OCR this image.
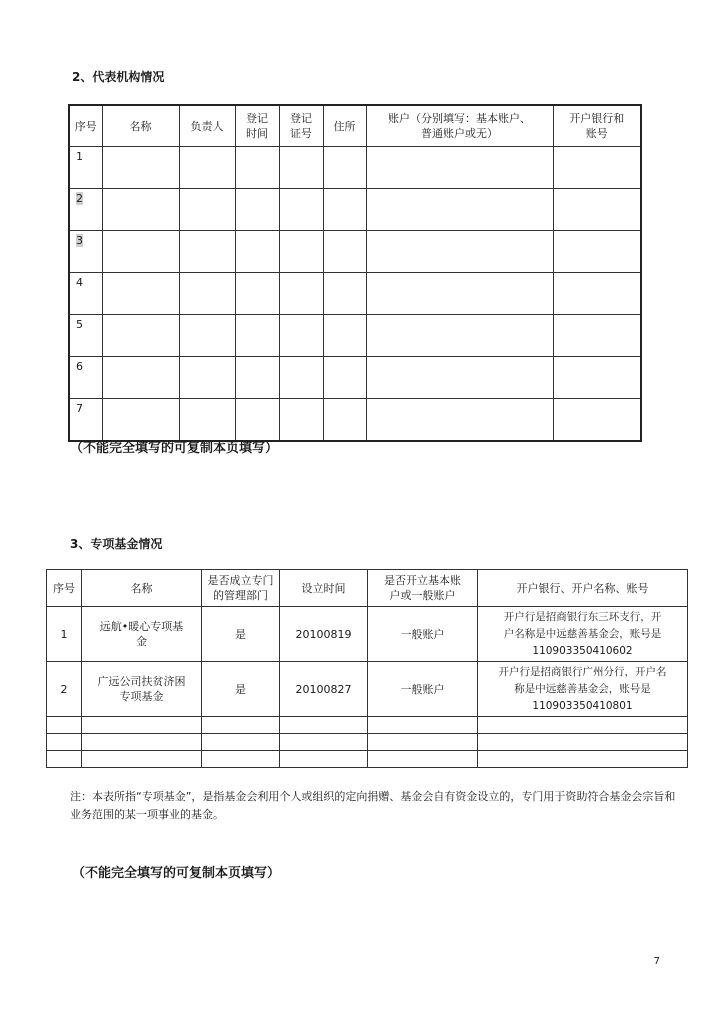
2、代表机构情况
序号	名称	负责人	登记
时间	登记
证号	住所	账户（分别填写：基本账户、
普通账户或无）	开户银行和
账号
1							
2							
3							
4							
5							
6							
7							
（不能完全填写的可复制本页填写）
3、专项基金情况
序号	名称	是否成立专门
的管理部门	设立时间	是否开立基本账
户或一般账户	开户银行、开户名称、账号
1	远航•暖心专项基
金	是	20100819	一般账户	开户行是招商银行东三环支行，开
户名称是中远慈善基金会，账号是
110903350410602
2	广远公司扶贫济困
专项基金	是	20100827	一般账户	开户行是招商银行广州分行，开户名
称是中远慈善基金会，账号是
110903350410801

注：本表所指“专项基金”，是指基金会利用个人或组织的定向捐赠、基金会自有资金设立的，专门用于资助符合基金会宗旨和业务范围的某一项事业的基金。
（不能完全填写的可复制本页填写）
7
